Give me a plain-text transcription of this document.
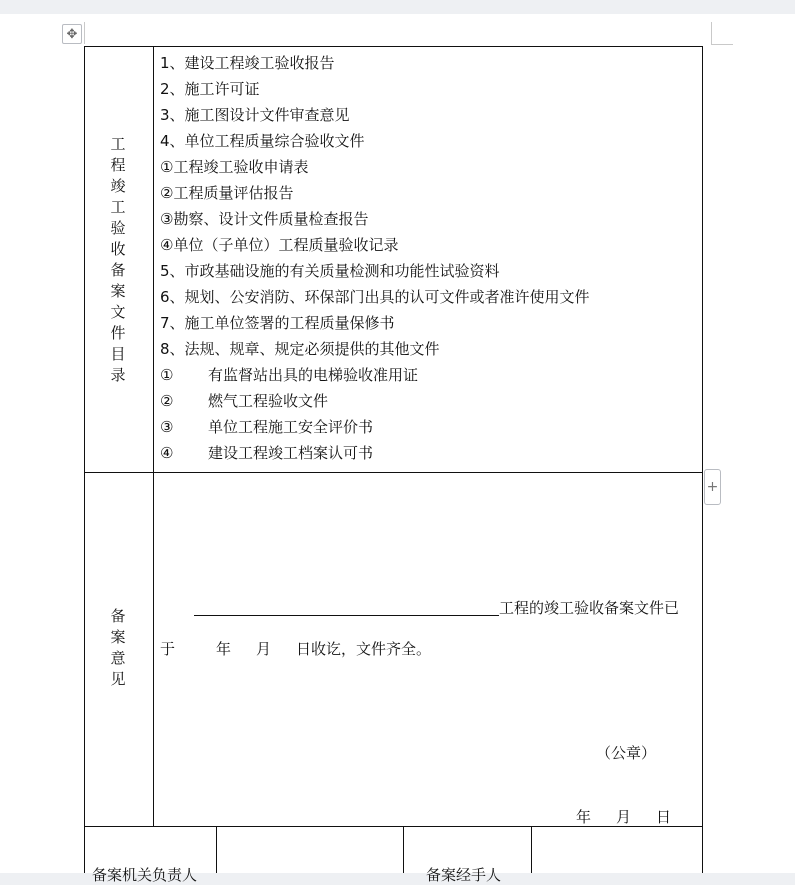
✥
+
工
程
竣
工
验
收
备
案
文
件
目
录
1、建设工程竣工验收报告
2、施工许可证
3、施工图设计文件审查意见
4、单位工程质量综合验收文件
①工程竣工验收申请表
②工程质量评估报告
③勘察、设计文件质量检查报告
④单位（子单位）工程质量验收记录
5、市政基础设施的有关质量检测和功能性试验资料
6、规划、公安消防、环保部门出具的认可文件或者准许使用文件
7、施工单位签署的工程质量保修书
8、法规、规章、规定必须提供的其他文件
① 有监督站出具的电梯验收准用证
② 燃气工程验收文件
③ 单位工程施工安全评价书
④ 建设工程竣工档案认可书
备
案
意
见
工程的竣工验收备案文件已
于	年 月 日收讫，文件齐全。
（公章）
年 月 日
备案机关负责人	备案经手人
